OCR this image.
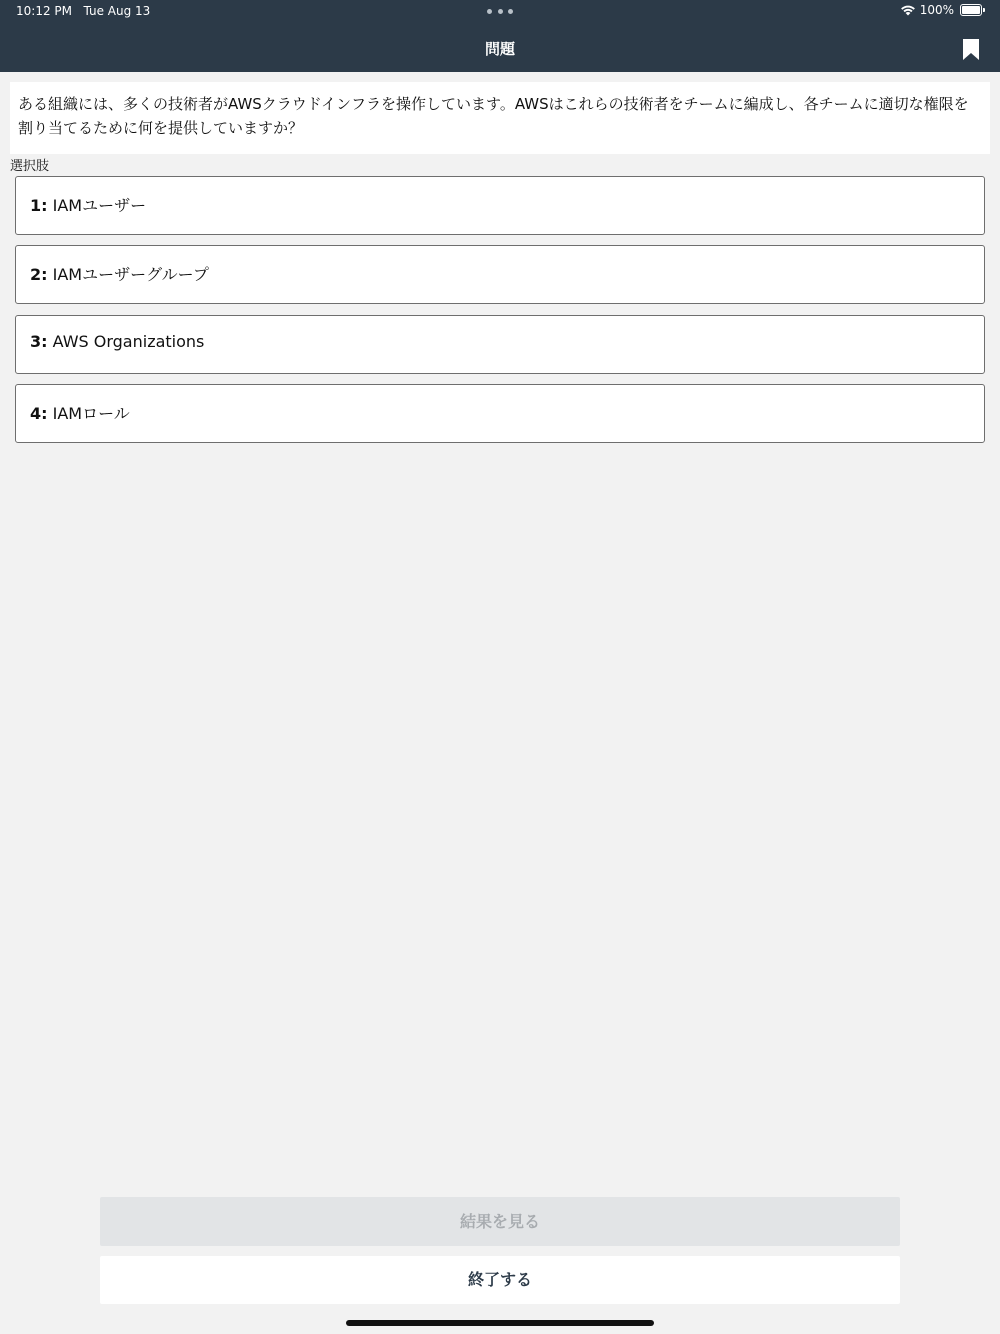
10:12 PM Tue Aug 13	100%
問題
ある組織には、多くの技術者がAWSクラウドインフラを操作しています。AWSはこれらの技術者をチームに編成し、各チームに適切な権限を割り当てるために何を提供していますか？
選択肢
1: IAMユーザー
2: IAMユーザーグループ
3: AWS Organizations
4: IAMロール
結果を見る
終了する
